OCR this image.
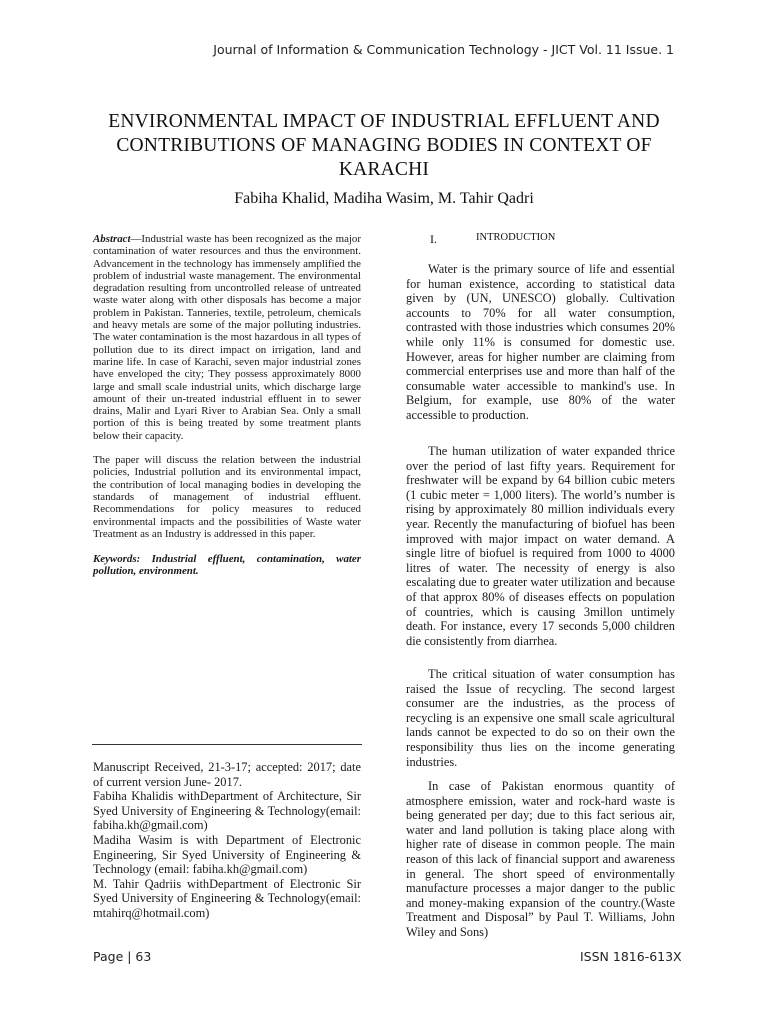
Journal of Information & Communication Technology - JICT Vol. 11 Issue. 1
ENVIRONMENTAL IMPACT OF INDUSTRIAL EFFLUENT AND CONTRIBUTIONS OF MANAGING BODIES IN CONTEXT OF KARACHI
Fabiha Khalid, Madiha Wasim, M. Tahir Qadri

Abstract—Industrial waste has been recognized as the major contamination of water resources and thus the environment. Advancement in the technology has immensely amplified the problem of industrial waste management. The environmental degradation resulting from uncontrolled release of untreated waste water along with other disposals has become a major problem in Pakistan. Tanneries, textile, petroleum, chemicals and heavy metals are some of the major polluting industries. The water contamination is the most hazardous in all types of pollution due to its direct impact on irrigation, land and marine life. In case of Karachi, seven major industrial zones have enveloped the city; They possess approximately 8000 large and small scale industrial units, which discharge large amount of their un-treated industrial effluent in to sewer drains, Malir and Lyari River to Arabian Sea. Only a small portion of this is being treated by some treatment plants below their capacity.

The paper will discuss the relation between the industrial policies, Industrial pollution and its environmental impact, the contribution of local managing bodies in developing the standards of management of industrial effluent. Recommendations for policy measures to reduced environmental impacts and the possibilities of Waste water Treatment as an Industry is addressed in this paper.

Keywords: Industrial effluent, contamination, water pollution, environment.

Manuscript Received, 21-3-17; accepted: 2017; date of current version June- 2017.

Fabiha Khalidis withDepartment of Architecture, Sir Syed University of Engineering & Technology(email: fabiha.kh@gmail.com)

Madiha Wasim is with Department of Electronic Engineering, Sir Syed University of Engineering & Technology (email: fabiha.kh@gmail.com)

M. Tahir Qadriis withDepartment of Electronic Sir Syed University of Engineering & Technology(email: mtahirq@hotmail.com)

I.	INTRODUCTION

Water is the primary source of life and essential for human existence, according to statistical data given by (UN, UNESCO) globally. Cultivation accounts to 70% for all water consumption, contrasted with those industries which consumes 20% while only 11% is consumed for domestic use. However, areas for higher number are claiming from commercial enterprises use and more than half of the consumable water accessible to mankind's use. In Belgium, for example, use 80% of the water accessible to production.

The human utilization of water expanded thrice over the period of last fifty years. Requirement for freshwater will be expand by 64 billion cubic meters (1 cubic meter = 1,000 liters). The world’s number is rising by approximately 80 million individuals every year. Recently the manufacturing of biofuel has been improved with major impact on water demand. A single litre of biofuel is required from 1000 to 4000 litres of water. The necessity of energy is also escalating due to greater water utilization and because of that approx 80% of diseases effects on population of countries, which is causing 3millon untimely death. For instance, every 17 seconds 5,000 children die consistently from diarrhea.

The critical situation of water consumption has raised the Issue of recycling. The second largest consumer are the industries, as the process of recycling is an expensive one small scale agricultural lands cannot be expected to do so on their own the responsibility thus lies on the income generating industries.

In case of Pakistan enormous quantity of atmosphere emission, water and rock-hard waste is being generated per day; due to this fact serious air, water and land pollution is taking place along with higher rate of disease in common people. The main reason of this lack of financial support and awareness in general. The short speed of environmentally manufacture processes a major danger to the public and money-making expansion of the country.(Waste Treatment and Disposal” by Paul T. Williams, John Wiley and Sons)

Page | 63	ISSN 1816-613X
